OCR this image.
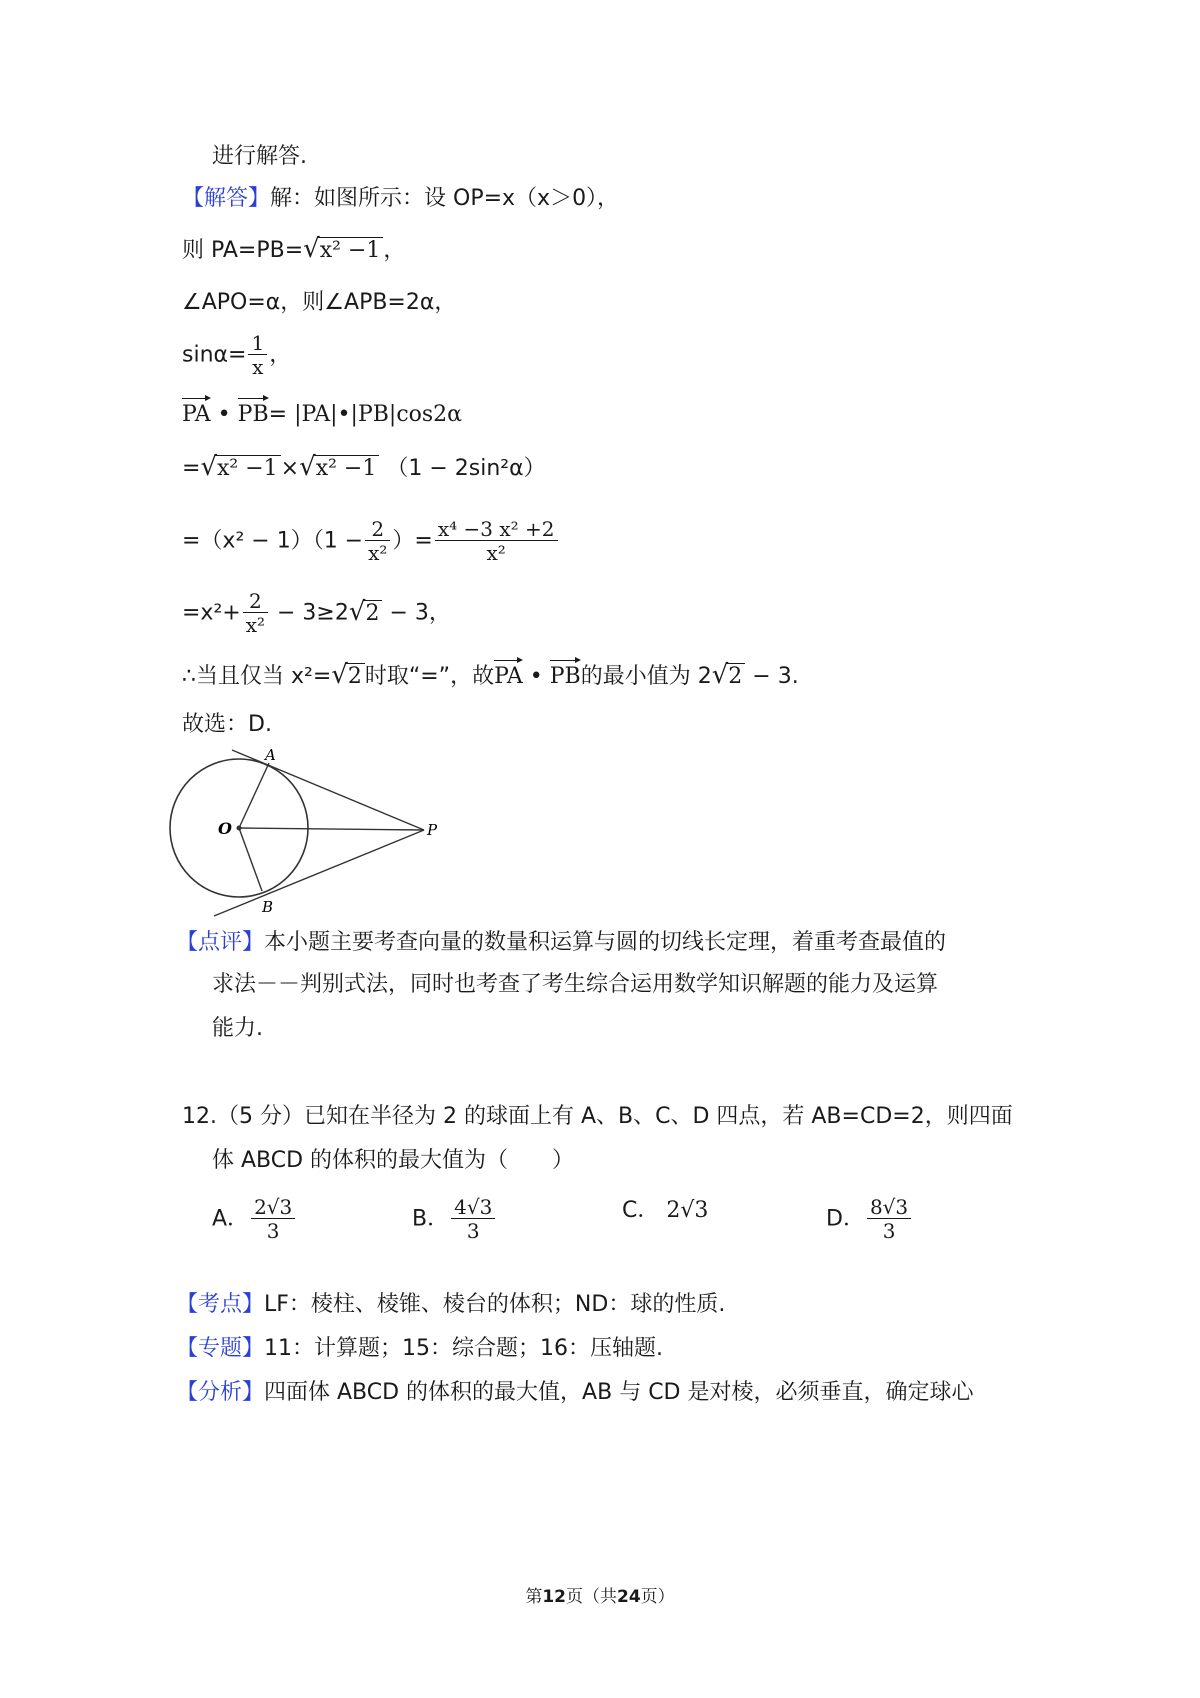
进行解答.
【解答】解：如图所示：设 OP=x（x＞0），
则 PA=PB=√x² −1 ，
∠APO=α，则∠APB=2α，
$\sin\alpha= \frac{1}{x}$ ，
PA • PB= |PA|•|PB|cos2α
=√x² −1 ×√x² −1 （1 − 2sin²α）
$=(x^2 - 1)(1 - \frac{2}{\text{x²}}$ ）= $\frac{\text{x⁴ −3 x² +2}}{\text{x²}}$
$=x^2+ \frac{2}{\text{x²}} - 3\ge 2√2 - 3$，
∴当且仅当 x²=√2 时取“=”，故PA • PB的最小值为 2√2 − 3.
故选：D.
A
O	P
B
【点评】本小题主要考查向量的数量积运算与圆的切线长定理，着重考查最值的
求法－－判别式法，同时也考查了考生综合运用数学知识解题的能力及运算
能力.
12.（5 分）已知在半径为 2 的球面上有 A、B、C、D 四点，若 AB=CD=2，则四面
体 ABCD 的体积的最大值为（　　）
A． $\frac{2√3}{3}$	B． $\frac{4√3}{3}$	C． 2√3	D． $\frac{8√3}{3}$
【考点】LF：棱柱、棱锥、棱台的体积；ND：球的性质.
【专题】11：计算题；15：综合题；16：压轴题.
【分析】四面体 ABCD 的体积的最大值，AB 与 CD 是对棱，必须垂直，确定球心
第12页（共24页）
